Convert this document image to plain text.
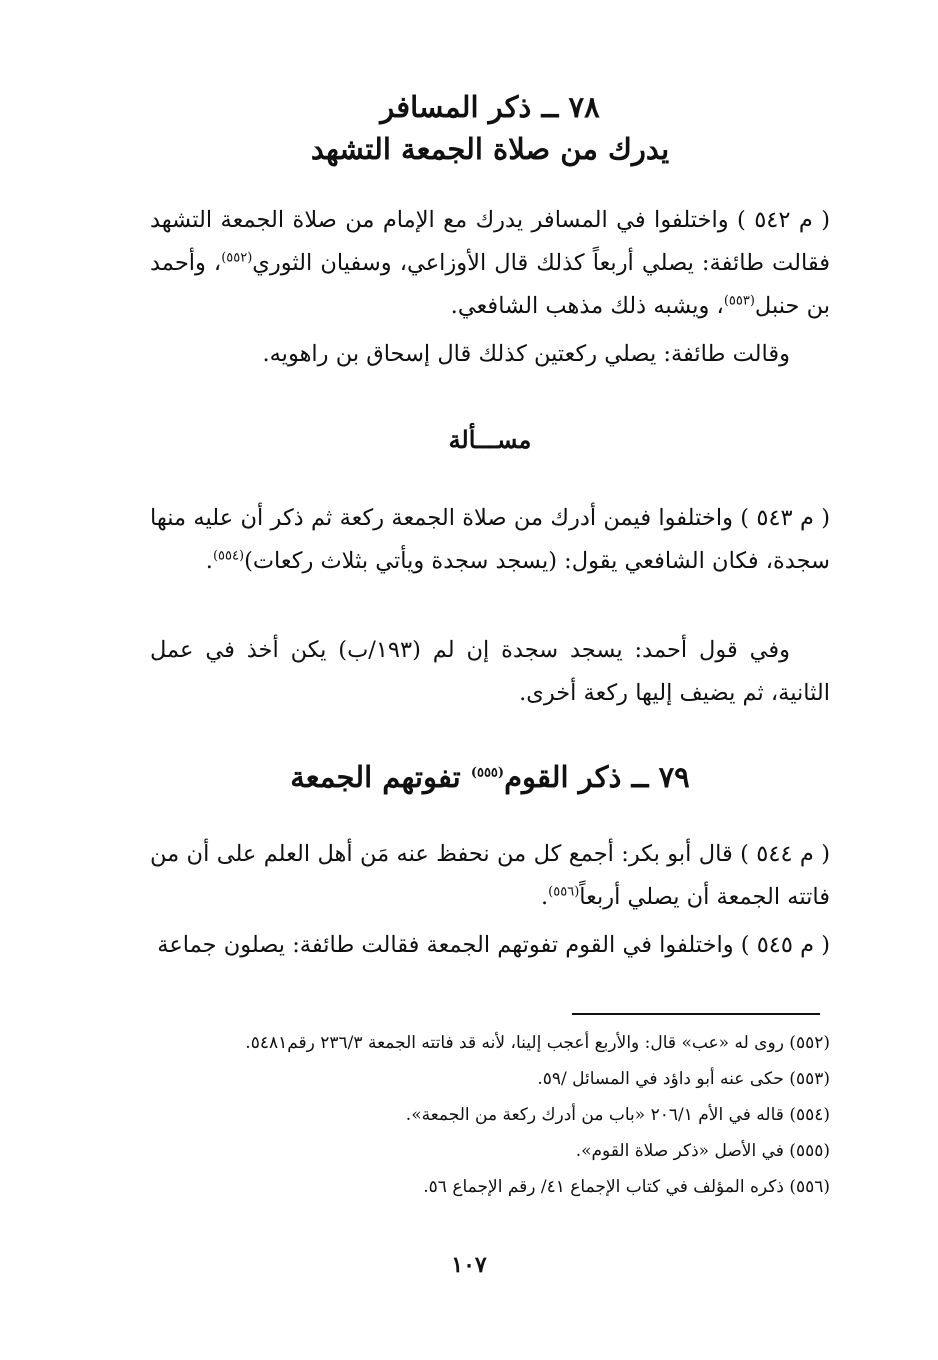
٧٨ ــ ذكر المسافر
يدرك من صلاة الجمعة التشهد

( م ٥٤٢ ) واختلفوا في المسافر يدرك مع الإمام من صلاة الجمعة التشهد فقالت طائفة: يصلي أربعاً كذلك قال الأوزاعي، وسفيان الثوري$^{(٥٥٢)}$، وأحمد بن حنبل$^{(٥٥٣)}$، ويشبه ذلك مذهب الشافعي.

وقالت طائفة: يصلي ركعتين كذلك قال إسحاق بن راهويه.

مســـألة

( م ٥٤٣ ) واختلفوا فيمن أدرك من صلاة الجمعة ركعة ثم ذكر أن عليه منها سجدة، فكان الشافعي يقول: (يسجد سجدة ويأتي بثلاث ركعات)$^{(٥٥٤)}$.

وفي قول أحمد: يسجد سجدة إن لم (١٩٣/ب) يكن أخذ في عمل الثانية، ثم يضيف إليها ركعة أخرى.

٧٩ ــ ذكر القوم$^{(٥٥٥)}$ تفوتهم الجمعة

( م ٥٤٤ ) قال أبو بكر: أجمع كل من نحفظ عنه مَن أهل العلم على أن من فاتته الجمعة أن يصلي أربعاً$^{(٥٥٦)}$.

( م ٥٤٥ ) واختلفوا في القوم تفوتهم الجمعة فقالت طائفة: يصلون جماعة

(٥٥٢) روى له «عب» قال: والأربع أعجب إلينا، لأنه قد فاتته الجمعة ٢٣٦/٣ رقم٥٤٨١.
(٥٥٣) حكى عنه أبو داؤد في المسائل /٥٩.
(٥٥٤) قاله في الأم ٢٠٦/١ «باب من أدرك ركعة من الجمعة».
(٥٥٥) في الأصل «ذكر صلاة القوم».
(٥٥٦) ذكره المؤلف في كتاب الإجماع ٤١/ رقم الإجماع ٥٦.
١٠٧
